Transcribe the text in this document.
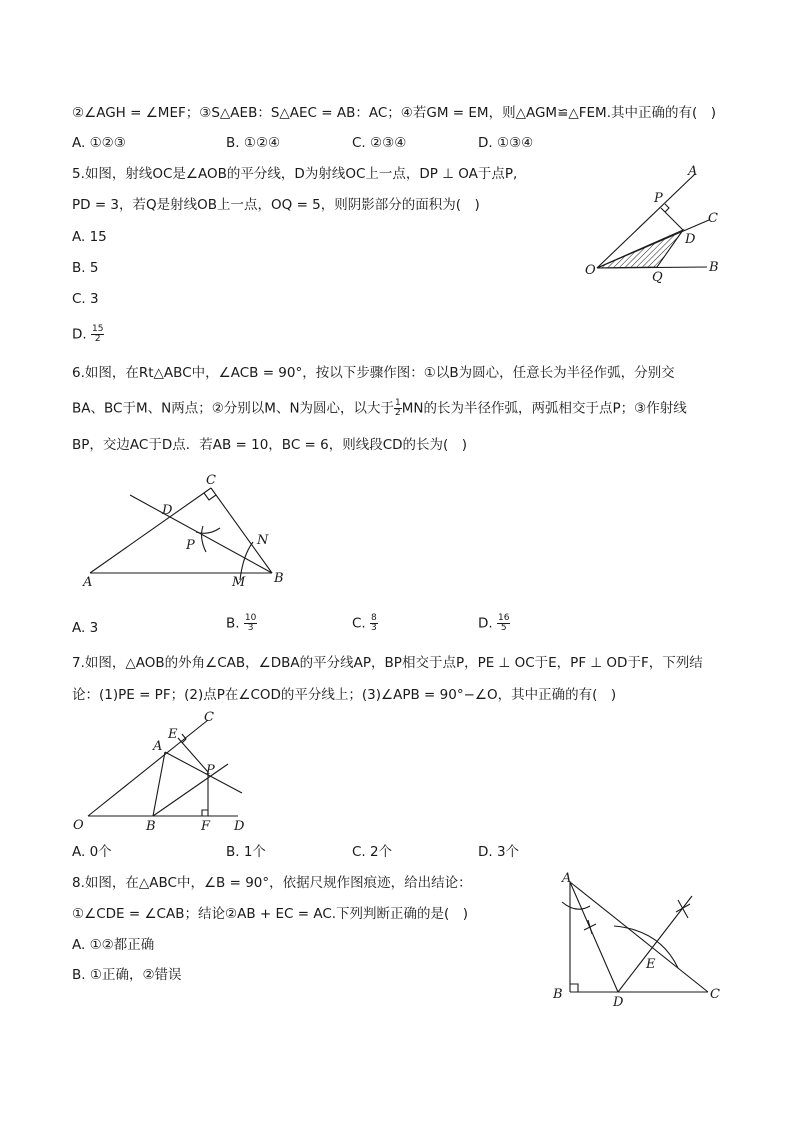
②∠AGH = ∠MEF；③S△AEB：S△AEC = AB：AC；④若GM = EM，则△AGM≌△FEM.其中正确的有(　)
A. ①②③	B. ①②④	C. ②③④	D. ①③④
5.如图，射线OC是∠AOB的平分线，D为射线OC上一点，DP ⊥ OA于点P,
PD = 3，若Q是射线OB上一点，OQ = 5，则阴影部分的面积为(　)
A. 15
B. 5
C. 3
D. $\frac{15}{2}$
A
P
C
D
O	Q
B
6.如图，在Rt△ABC中，∠ACB = 90°，按以下步骤作图：①以B为圆心，任意长为半径作弧，分别交
BA、BC于M、N两点；②分别以M、N为圆心，以大于 $\frac{1}{2}$ MN的长为半径作弧，两弧相交于点P；③作射线
BP，交边AC于D点．若AB = 10，BC = 6，则线段CD的长为(　)
C
D
P	N
A	M B
A. 3	B. $\frac{10}{3}$	C. $\frac{8}{3}$	D. $\frac{16}{5}$
7.如图，△AOB的外角∠CAB，∠DBA的平分线AP，BP相交于点P，PE ⊥ OC于E，PF ⊥ OD于F，下列结
论：(1)PE = PF；(2)点P在∠COD的平分线上；(3)∠APB = 90°−∠O，其中正确的有(　)
C
E
A
P
O	B	F D
A. 0个	B. 1个	C. 2个	D. 3个
8.如图，在△ABC中，∠B = 90°，依据尺规作图痕迹，给出结论：
①∠CDE = ∠CAB；结论②AB + EC = AC.下列判断正确的是(　)
A. ①②都正确
B. ①正确，②错误
A
E
B
D
C
